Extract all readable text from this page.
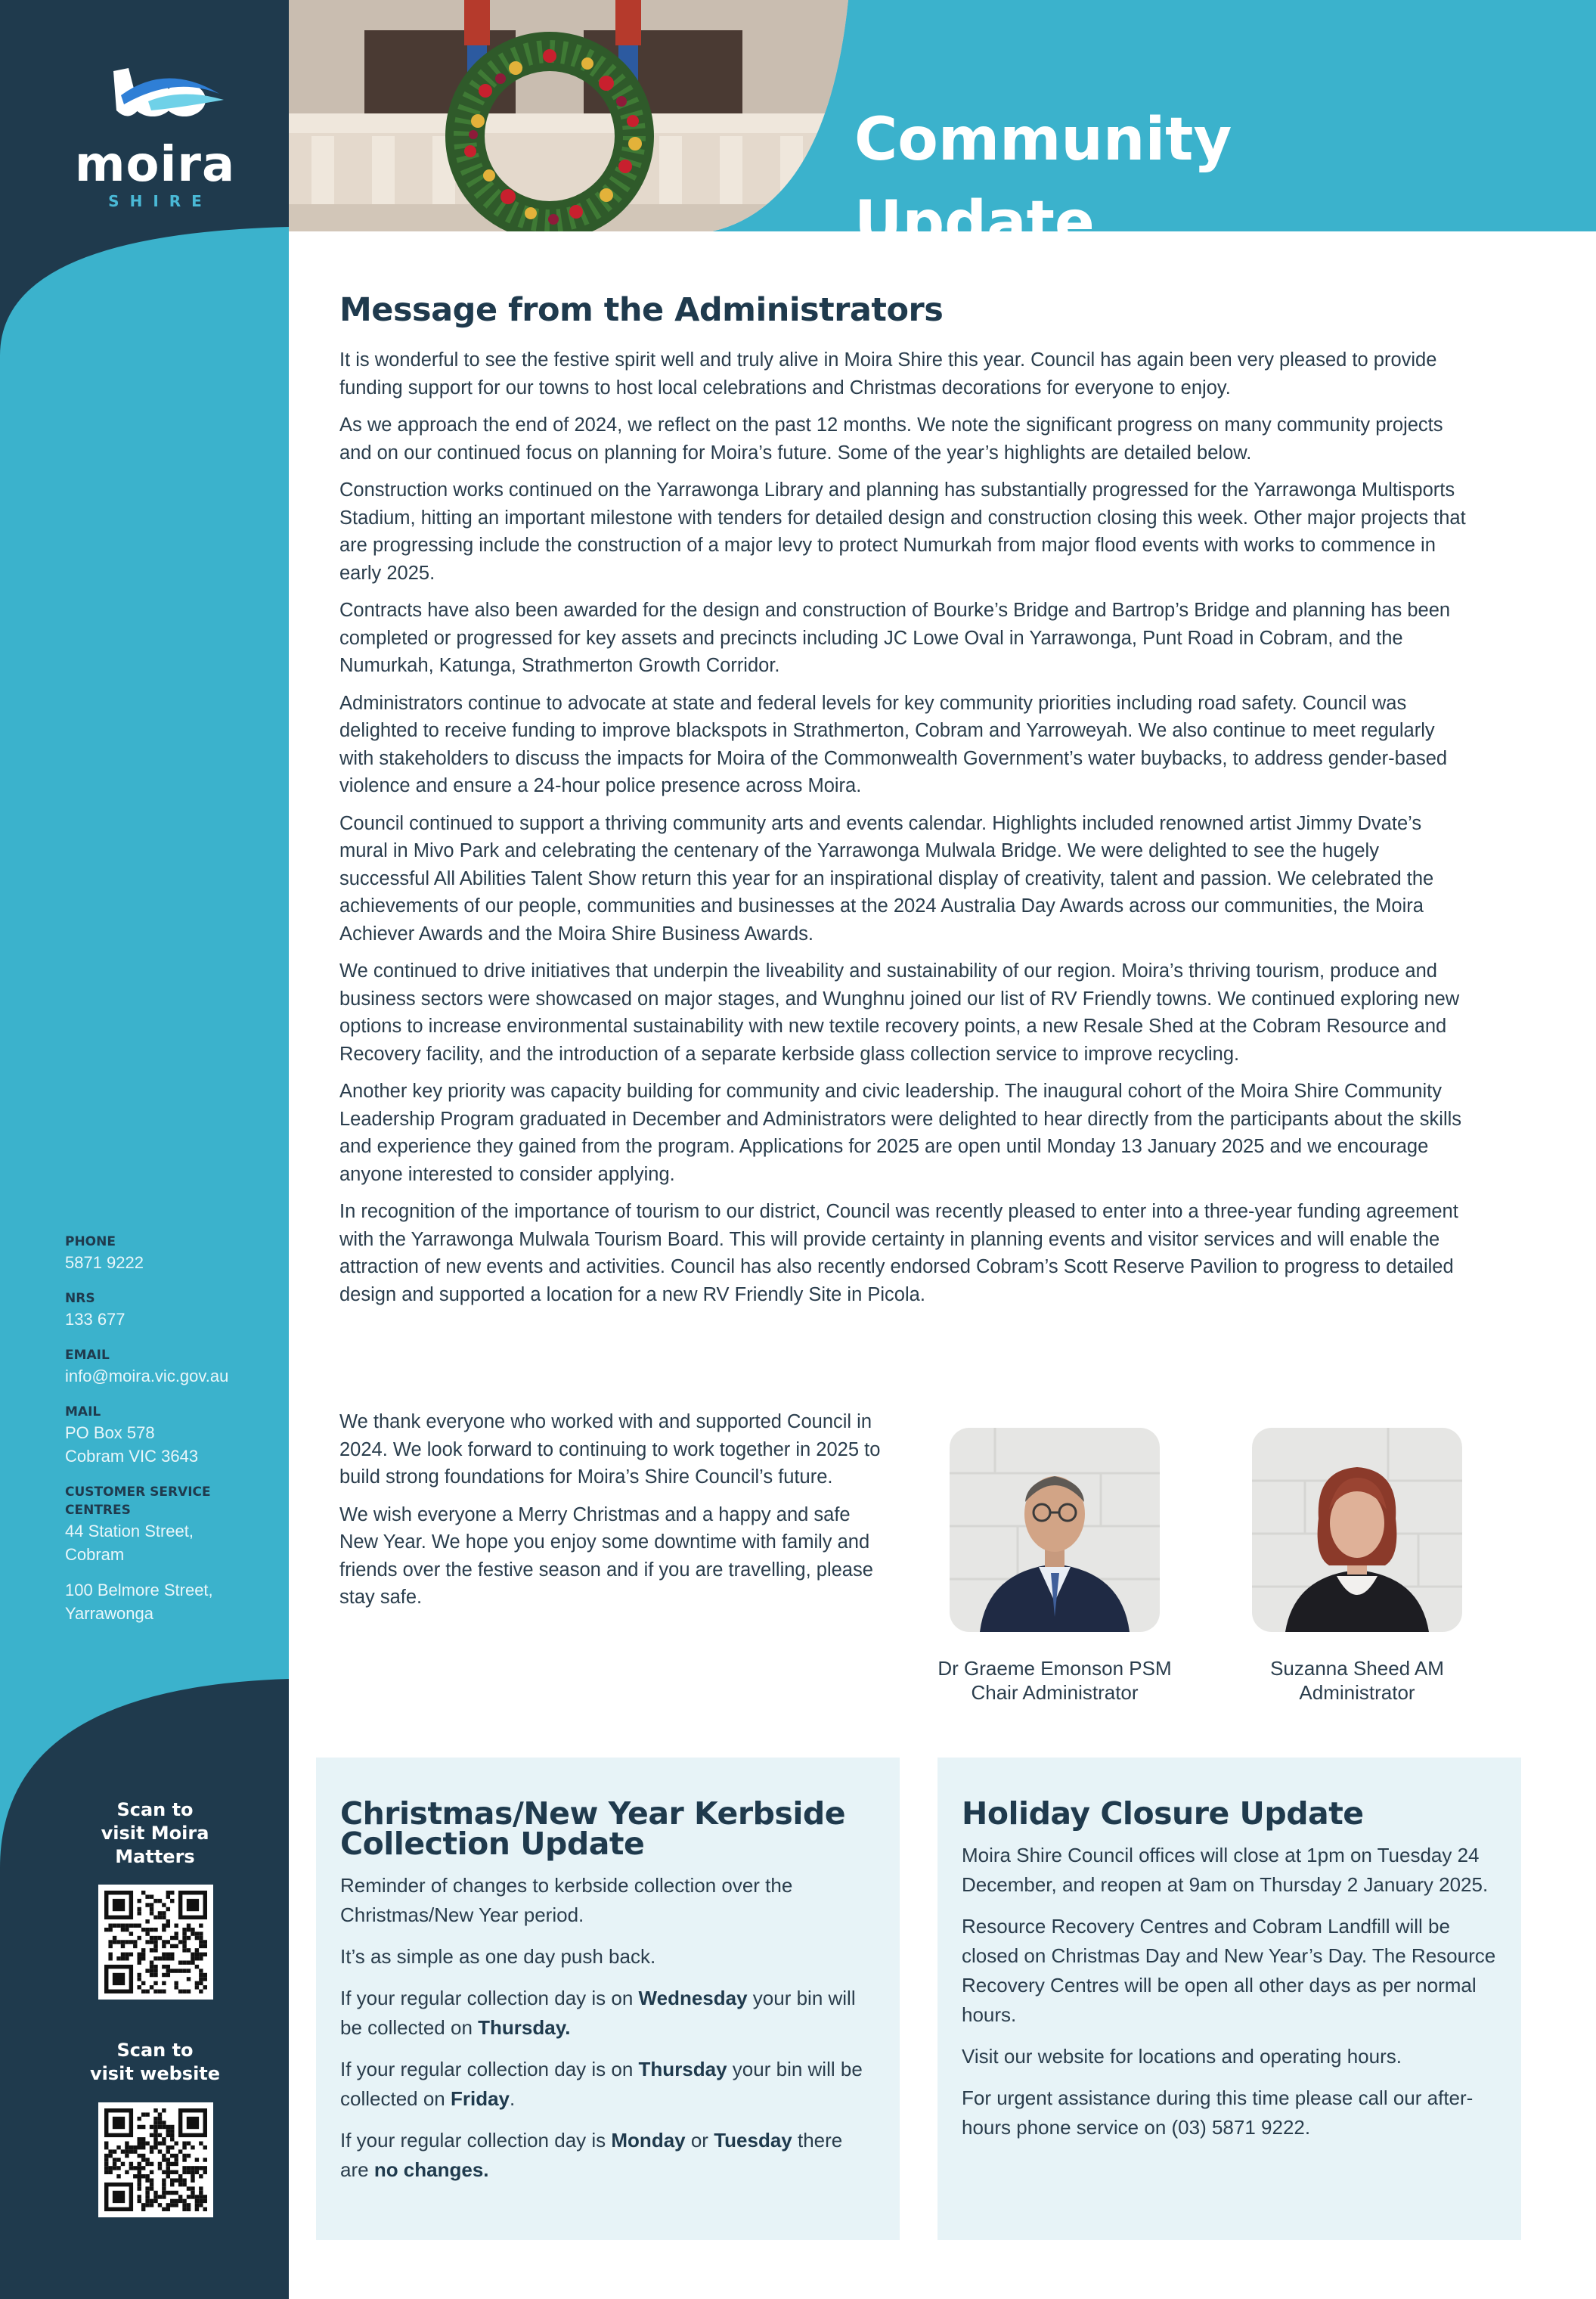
moira
SHIRE
PHONE
5871 9222
NRS
133 677
EMAIL
info@moira.vic.gov.au
MAIL
PO Box 578
Cobram VIC 3643
CUSTOMER SERVICE CENTRES
44 Station Street,
Cobram
100 Belmore Street,
Yarrawonga
Scan to
visit Moira
Matters
Scan to
visit website
Community Update
Message from the Administrators

It is wonderful to see the festive spirit well and truly alive in Moira Shire this year. Council has again been very pleased to provide funding support for our towns to host local celebrations and Christmas decorations for everyone to enjoy.

As we approach the end of 2024, we reflect on the past 12 months. We note the significant progress on many community projects and on our continued focus on planning for Moira’s future. Some of the year’s highlights are detailed below.

Construction works continued on the Yarrawonga Library and planning has substantially progressed for the Yarrawonga Multisports Stadium, hitting an important milestone with tenders for detailed design and construction closing this week. Other major projects that are progressing include the construction of a major levy to protect Numurkah from major flood events with works to commence in early 2025.

Contracts have also been awarded for the design and construction of Bourke’s Bridge and Bartrop’s Bridge and planning has been completed or progressed for key assets and precincts including JC Lowe Oval in Yarrawonga, Punt Road in Cobram, and the Numurkah, Katunga, Strathmerton Growth Corridor.

Administrators continue to advocate at state and federal levels for key community priorities including road safety. Council was delighted to receive funding to improve blackspots in Strathmerton, Cobram and Yarroweyah. We also continue to meet regularly with stakeholders to discuss the impacts for Moira of the Commonwealth Government’s water buybacks, to address gender-based violence and ensure a 24-hour police presence across Moira.

Council continued to support a thriving community arts and events calendar. Highlights included renowned artist Jimmy Dvate’s mural in Mivo Park and celebrating the centenary of the Yarrawonga Mulwala Bridge. We were delighted to see the hugely successful All Abilities Talent Show return this year for an inspirational display of creativity, talent and passion. We celebrated the achievements of our people, communities and businesses at the 2024 Australia Day Awards across our communities, the Moira Achiever Awards and the Moira Shire Business Awards.

We continued to drive initiatives that underpin the liveability and sustainability of our region. Moira’s thriving tourism, produce and business sectors were showcased on major stages, and Wunghnu joined our list of RV Friendly towns. We continued exploring new options to increase environmental sustainability with new textile recovery points, a new Resale Shed at the Cobram Resource and Recovery facility, and the introduction of a separate kerbside glass collection service to improve recycling.

Another key priority was capacity building for community and civic leadership. The inaugural cohort of the Moira Shire Community Leadership Program graduated in December and Administrators were delighted to hear directly from the participants about the skills and experience they gained from the program. Applications for 2025 are open until Monday 13 January 2025 and we encourage anyone interested to consider applying.

In recognition of the importance of tourism to our district, Council was recently pleased to enter into a three-year funding agreement with the Yarrawonga Mulwala Tourism Board. This will provide certainty in planning events and visitor services and will enable the attraction of new events and activities. Council has also recently endorsed Cobram’s Scott Reserve Pavilion to progress to detailed design and supported a location for a new RV Friendly Site in Picola.

We thank everyone who worked with and supported Council in 2024. We look forward to continuing to work together in 2025 to build strong foundations for Moira’s Shire Council’s future.

We wish everyone a Merry Christmas and a happy and safe New Year. We hope you enjoy some downtime with family and friends over the festive season and if you are travelling, please stay safe.

Dr Graeme Emonson PSM
Chair Administrator
Suzanna Sheed AM
Administrator
Christmas/New Year Kerbside
Collection Update

Reminder of changes to kerbside collection over the Christmas/New Year period.

It’s as simple as one day push back.

If your regular collection day is on Wednesday your bin will be collected on Thursday.

If your regular collection day is on Thursday your bin will be collected on Friday.

If your regular collection day is Monday or Tuesday there are no changes.

Holiday Closure Update

Moira Shire Council offices will close at 1pm on Tuesday 24 December, and reopen at 9am on Thursday 2 January 2025.

Resource Recovery Centres and Cobram Landfill will be closed on Christmas Day and New Year’s Day. The Resource Recovery Centres will be open all other days as per normal hours.

Visit our website for locations and operating hours.

For urgent assistance during this time please call our after-hours phone service on (03) 5871 9222.
